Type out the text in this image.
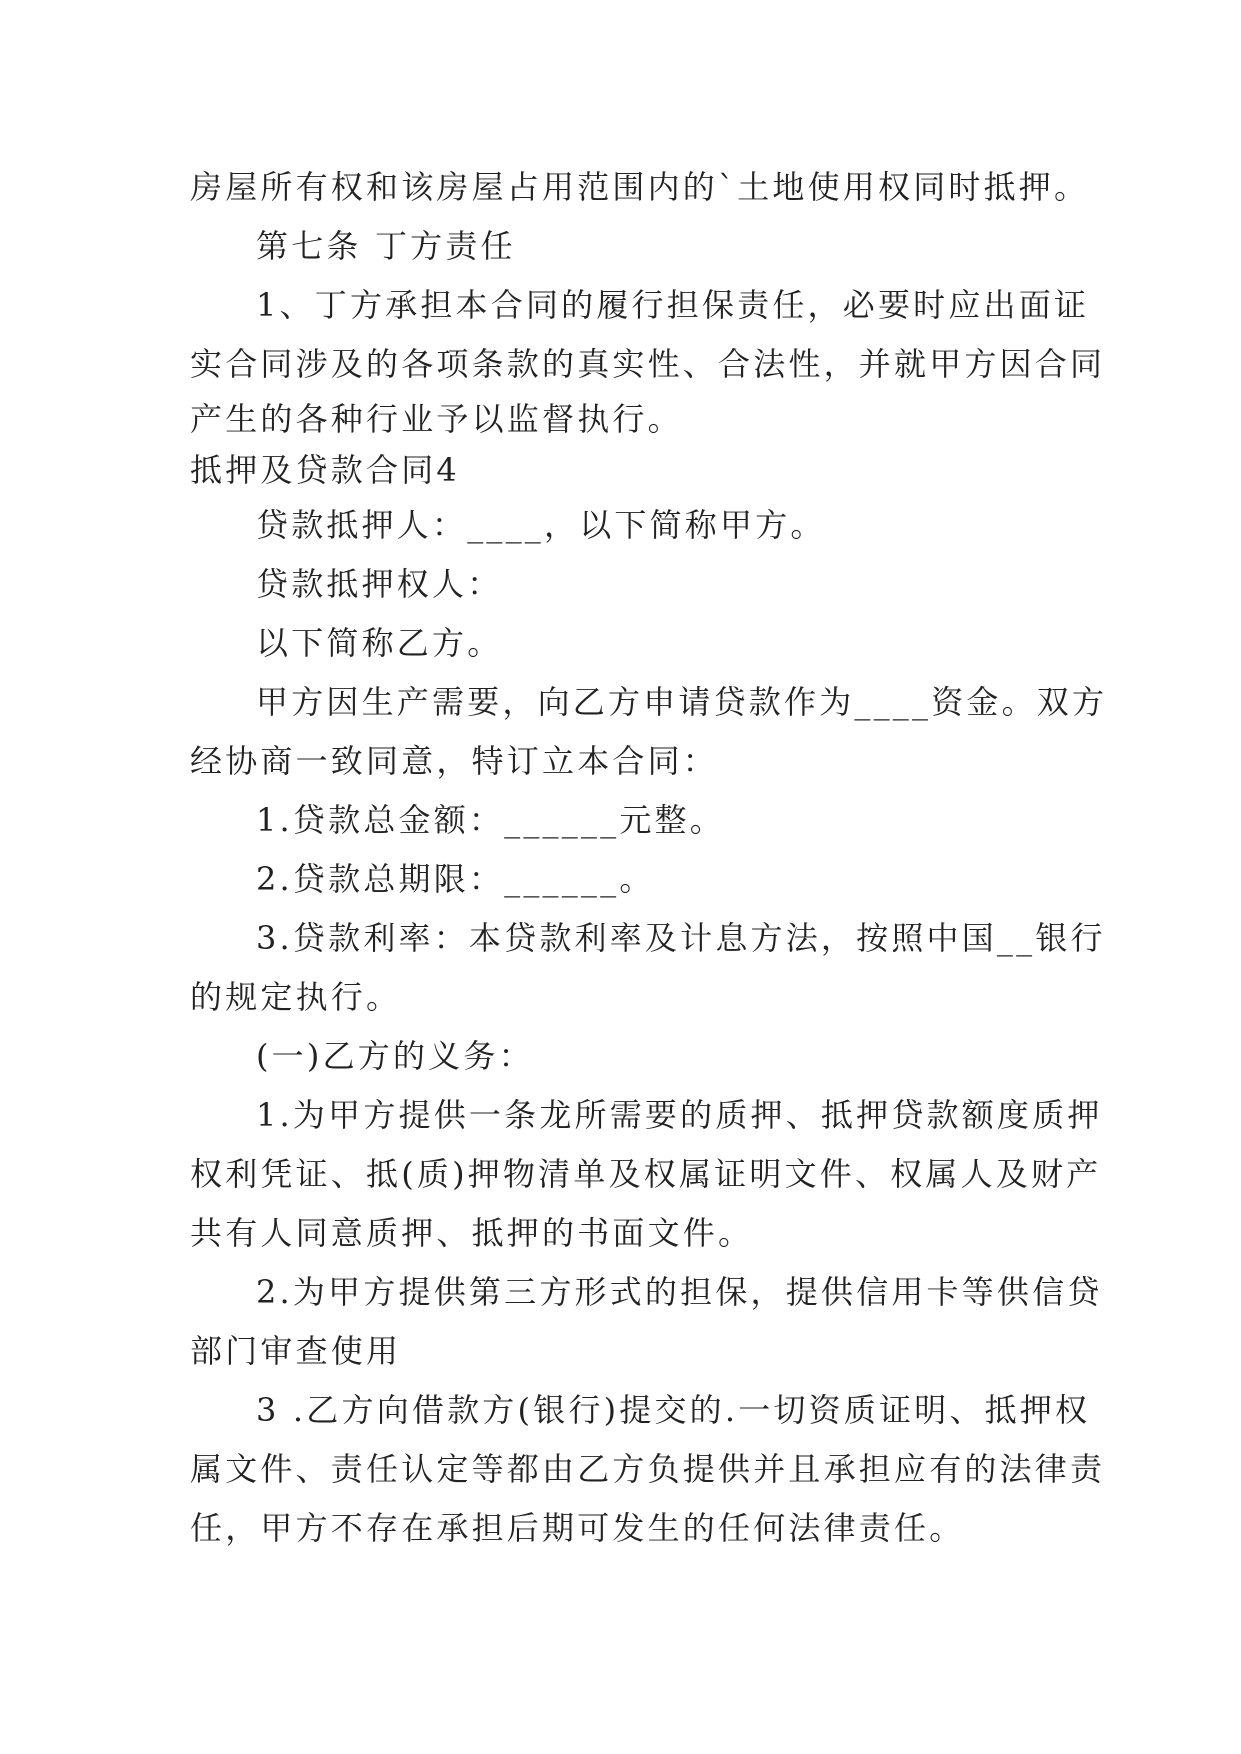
房屋所有权和该房屋占用范围内的`土地使用权同时抵押。

第七条 丁方责任

1、丁方承担本合同的履行担保责任，必要时应出面证

实合同涉及的各项条款的真实性、合法性，并就甲方因合同

产生的各种行业予以监督执行。

抵押及贷款合同4

贷款抵押人：____，以下简称甲方。

贷款抵押权人：

以下简称乙方。

甲方因生产需要，向乙方申请贷款作为____资金。双方

经协商一致同意，特订立本合同：

1.贷款总金额：______元整。

2.贷款总期限：______。

3.贷款利率：本贷款利率及计息方法，按照中国__银行

的规定执行。

(一)乙方的义务：

1.为甲方提供一条龙所需要的质押、抵押贷款额度质押

权利凭证、抵(质)押物清单及权属证明文件、权属人及财产

共有人同意质押、抵押的书面文件。

2.为甲方提供第三方形式的担保，提供信用卡等供信贷

部门审查使用

3 .乙方向借款方(银行)提交的.一切资质证明、抵押权

属文件、责任认定等都由乙方负提供并且承担应有的法律责

任，甲方不存在承担后期可发生的任何法律责任。
